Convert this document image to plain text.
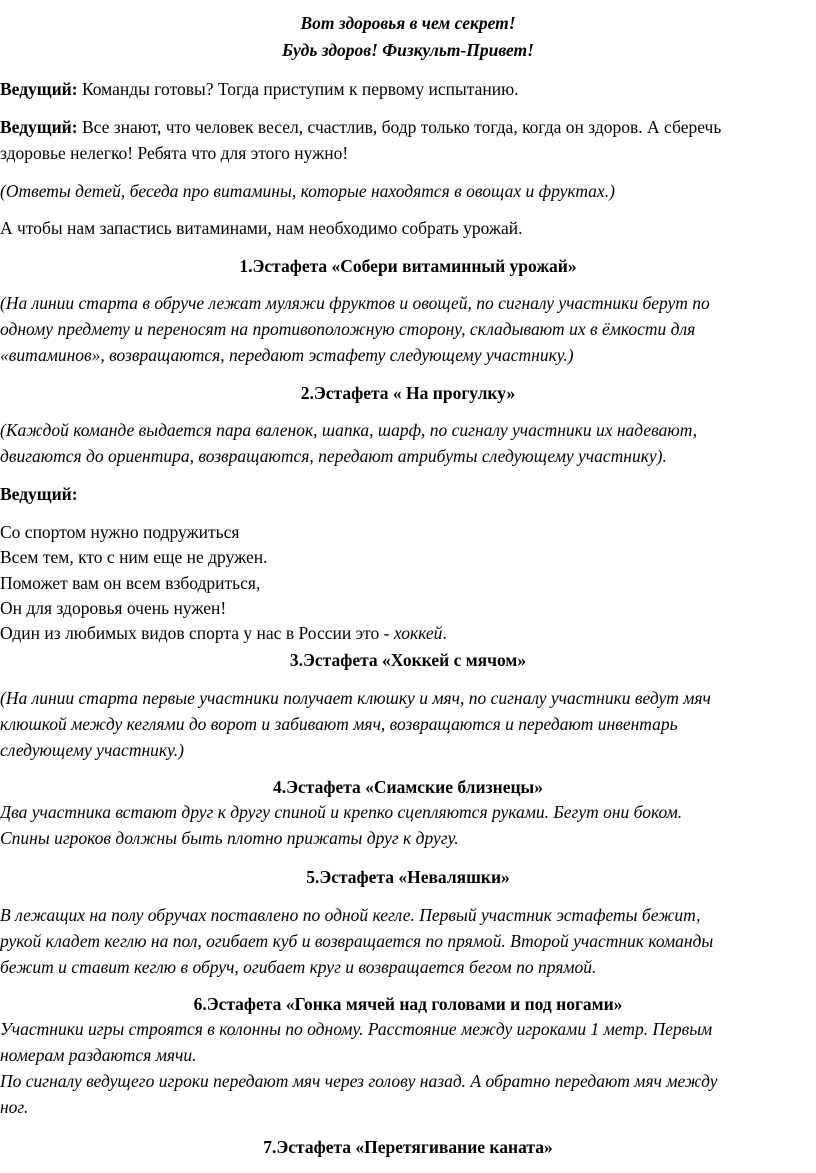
Вот здоровья в чем секрет!
Будь здоров! Физкульт-Привет!
Ведущий: Команды готовы? Тогда приступим к первому испытанию.
Ведущий: Все знают, что человек весел, счастлив, бодр только тогда, когда он здоров. А сберечь
здоровье нелегко! Ребята что для этого нужно!
(Ответы детей, беседа про витамины, которые находятся в овощах и фруктах.)
А чтобы нам запастись витаминами, нам необходимо собрать урожай.
1.Эстафета «Собери витаминный урожай»
(На линии старта в обруче лежат муляжи фруктов и овощей, по сигналу участники берут по
одному предмету и переносят на противоположную сторону, складывают их в ёмкости для
«витаминов», возвращаются, передают эстафету следующему участнику.)
2.Эстафета « На прогулку»
(Каждой команде выдается пара валенок, шапка, шарф, по сигналу участники их надевают,
двигаются до ориентира, возвращаются, передают атрибуты следующему участнику).
Ведущий:
Со спортом нужно подружиться
Всем тем, кто с ним еще не дружен.
Поможет вам он всем взбодриться,
Он для здоровья очень нужен!
Один из любимых видов спорта у нас в России это - хоккей.
3.Эстафета «Хоккей с мячом»
(На линии старта первые участники получает клюшку и мяч, по сигналу участники ведут мяч
клюшкой между кеглями до ворот и забивают мяч, возвращаются и передают инвентарь
следующему участнику.)
4.Эстафета «Сиамские близнецы»
Два участника встают друг к другу спиной и крепко сцепляются руками. Бегут они боком.
Спины игроков должны быть плотно прижаты друг к другу.
5.Эстафета «Неваляшки»
В лежащих на полу обручах поставлено по одной кегле. Первый участник эстафеты бежит,
рукой кладет кеглю на пол, огибает куб и возвращается по прямой. Второй участник команды
бежит и ставит кеглю в обруч, огибает круг и возвращается бегом по прямой.
6.Эстафета «Гонка мячей над головами и под ногами»
Участники игры строятся в колонны по одному. Расстояние между игроками 1 метр. Первым
номерам раздаются мячи.
По сигналу ведущего игроки передают мяч через голову назад. А обратно передают мяч между
ног.
7.Эстафета «Перетягивание каната»
